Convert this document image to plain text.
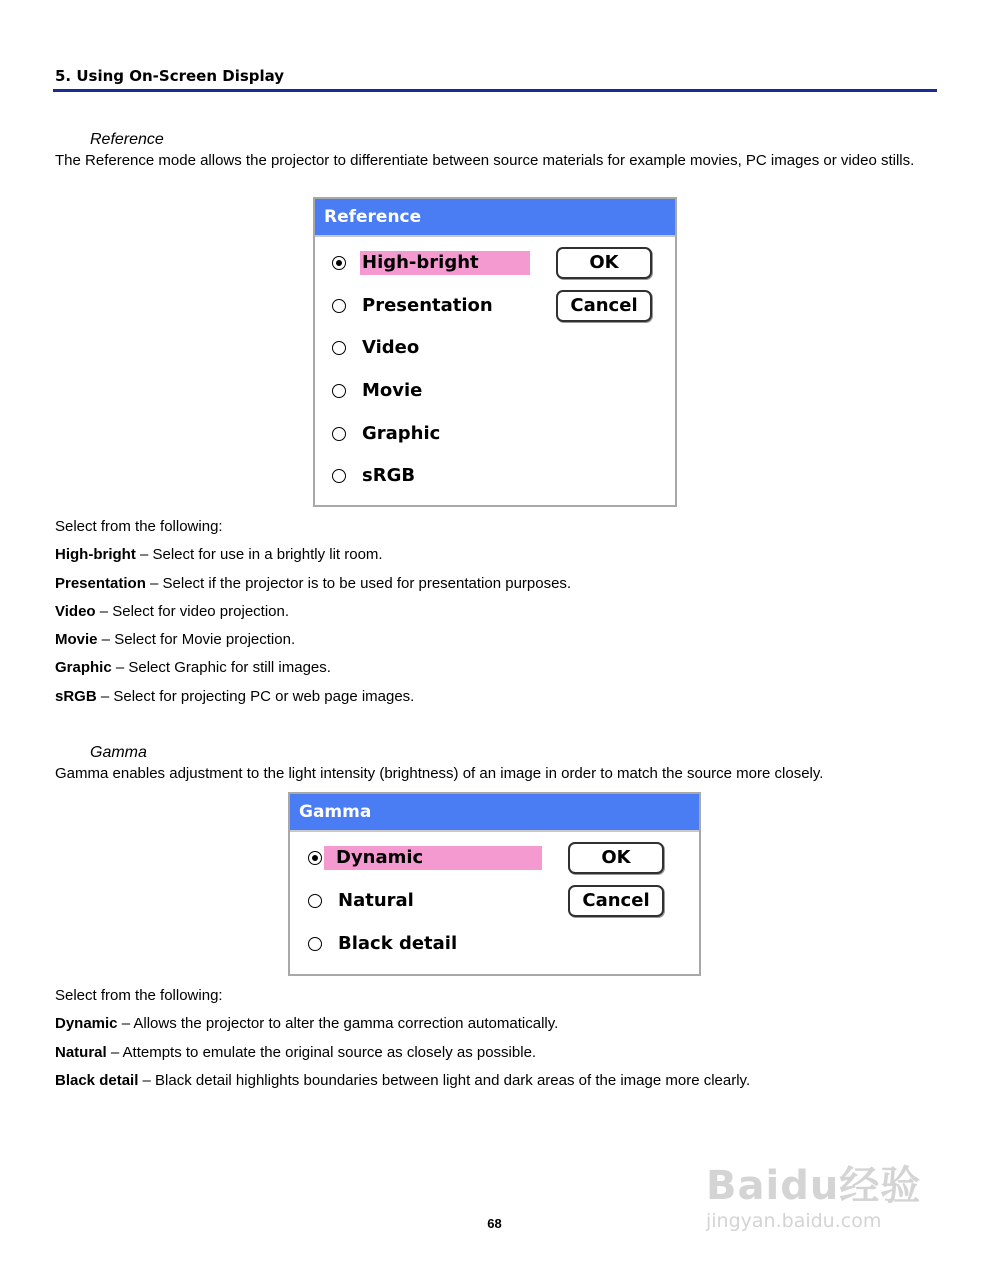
5. Using On-Screen Display
Reference
The Reference mode allows the projector to differentiate between source materials for example movies, PC images or video stills.
Reference
High-bright
Presentation
Video
Movie
Graphic
sRGB
OK
Cancel
Select from the following:
High-bright – Select for use in a brightly lit room.
Presentation – Select if the projector is to be used for presentation purposes.
Video – Select for video projection.
Movie – Select for Movie projection.
Graphic – Select Graphic for still images.
sRGB – Select for projecting PC or web page images.
Gamma
Gamma enables adjustment to the light intensity (brightness) of an image in order to match the source more closely.
Gamma
Dynamic
Natural
Black detail
OK
Cancel
Select from the following:
Dynamic – Allows the projector to alter the gamma correction automatically.
Natural – Attempts to emulate the original source as closely as possible.
Black detail – Black detail highlights boundaries between light and dark areas of the image more clearly.
68
Baidu经验
jingyan.baidu.com
